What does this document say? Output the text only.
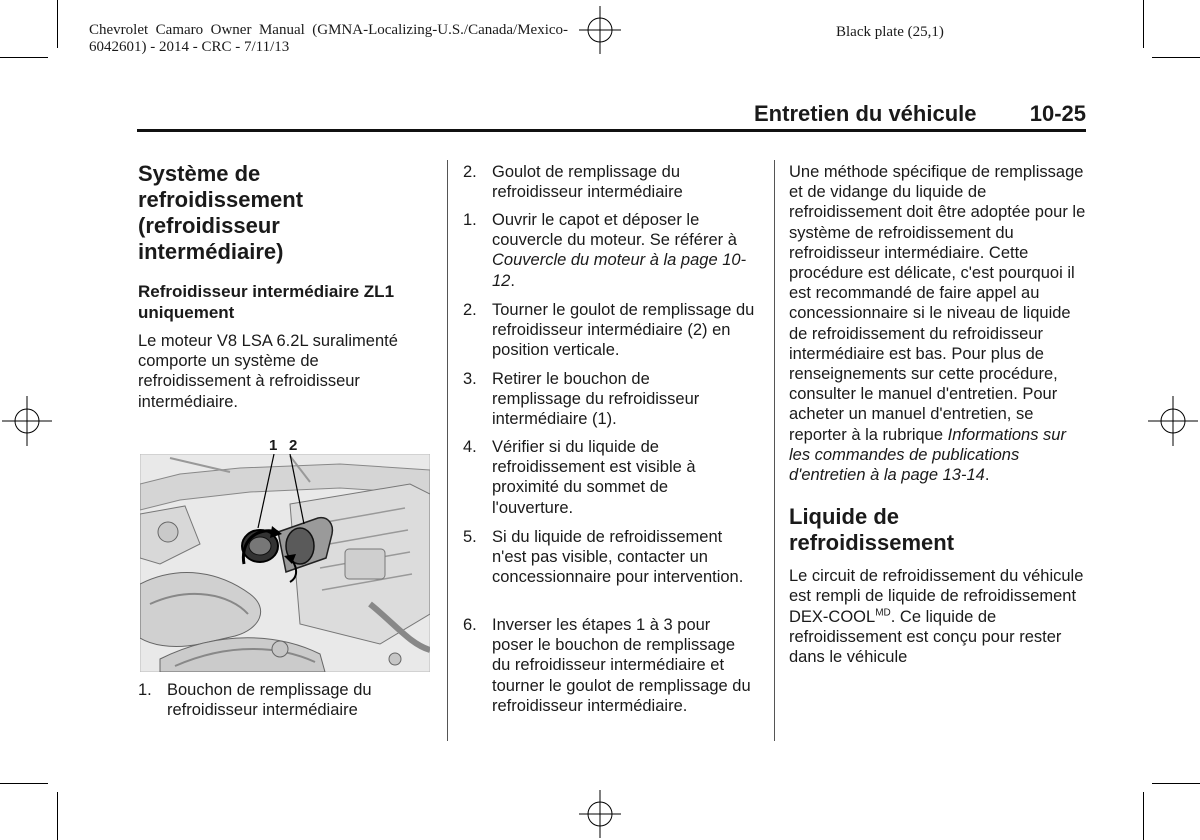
Chevrolet  Camaro  Owner  Manual  (GMNA-Localizing-U.S./Canada/Mexico-
6042601) - 2014 - CRC - 7/11/13
Black plate (25,1)
Entretien du véhicule 10-25
Système de refroidissement (refroidisseur intermédiaire)
Refroidisseur intermédiaire ZL1 uniquement
Le moteur V8 LSA 6.2L suralimenté comporte un système de refroidissement à refroidisseur intermédiaire.
1 2
1. Bouchon de remplissage du refroidisseur intermédiaire
2. Goulot de remplissage du refroidisseur intermédiaire
1. Ouvrir le capot et déposer le couvercle du moteur. Se référer à Couvercle du moteur à la page 10-12.
2. Tourner le goulot de remplissage du refroidisseur intermédiaire (2) en position verticale.
3. Retirer le bouchon de remplissage du refroidisseur intermédiaire (1).
4. Vérifier si du liquide de refroidissement est visible à proximité du sommet de l'ouverture.
5. Si du liquide de refroidissement n'est pas visible, contacter un concessionnaire pour intervention.
6. Inverser les étapes 1 à 3 pour poser le bouchon de remplissage du refroidisseur intermédiaire et tourner le goulot de remplissage du refroidisseur intermédiaire.
Une méthode spécifique de remplissage et de vidange du liquide de refroidissement doit être adoptée pour le système de refroidissement du refroidisseur intermédiaire. Cette procédure est délicate, c'est pourquoi il est recommandé de faire appel au concessionnaire si le niveau de liquide de refroidissement du refroidisseur intermédiaire est bas. Pour plus de renseignements sur cette procédure, consulter le manuel d'entretien. Pour acheter un manuel d'entretien, se reporter à la rubrique Informations sur les commandes de publications d'entretien à la page 13-14.
Liquide de refroidissement
Le circuit de refroidissement du véhicule est rempli de liquide de refroidissement DEX-$COOL^{MD}$. Ce liquide de refroidissement est conçu pour rester dans le véhicule
